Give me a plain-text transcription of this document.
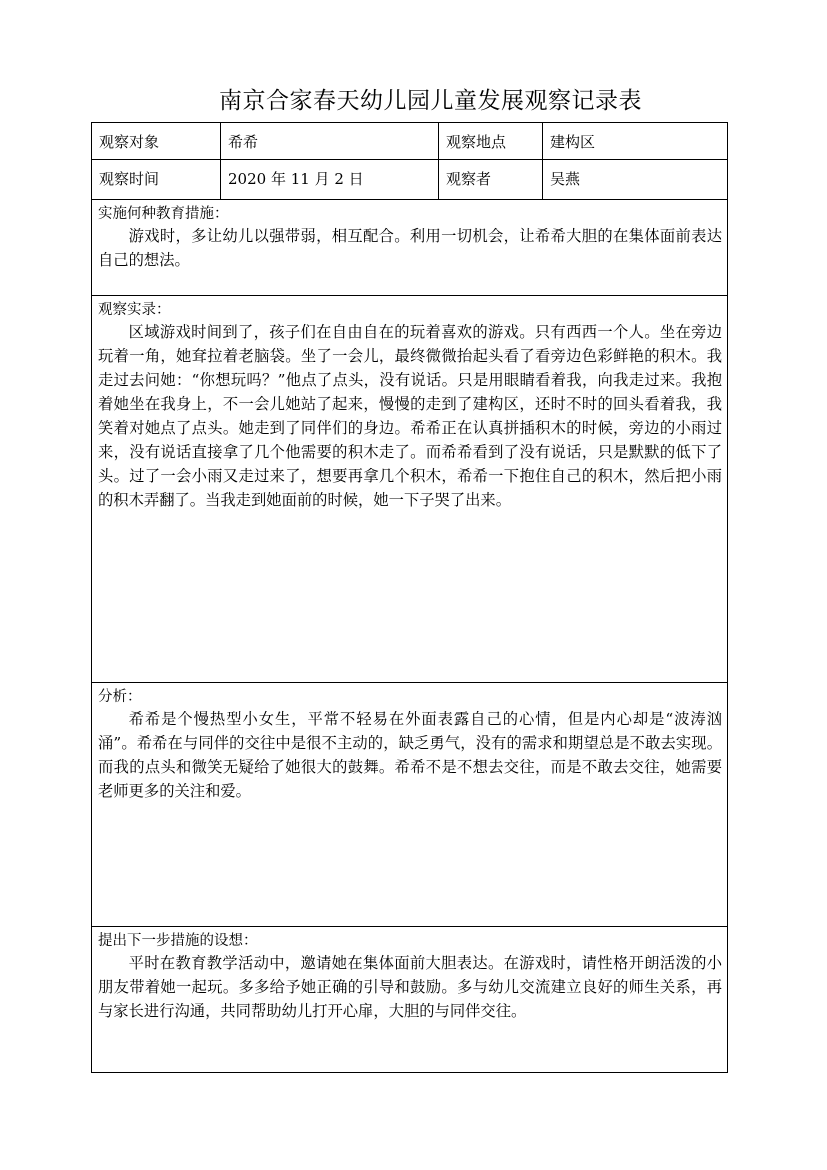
南京合家春天幼儿园儿童发展观察记录表
观察对象	希希	观察地点	建构区
观察时间	2020 年 11 月 2 日	观察者	吴燕
实施何种教育措施：
游戏时，多让幼儿以强带弱，相互配合。利用一切机会，让希希大胆的在集体面前表达自己的想法。
观察实录：
区域游戏时间到了，孩子们在自由自在的玩着喜欢的游戏。只有西西一个人。坐在旁边玩着一角，她耷拉着老脑袋。坐了一会儿，最终微微抬起头看了看旁边色彩鲜艳的积木。我走过去问她：“你想玩吗？”他点了点头，没有说话。只是用眼睛看着我，向我走过来。我抱着她坐在我身上，不一会儿她站了起来，慢慢的走到了建构区，还时不时的回头看着我，我笑着对她点了点头。她走到了同伴们的身边。希希正在认真拼插积木的时候，旁边的小雨过来，没有说话直接拿了几个他需要的积木走了。而希希看到了没有说话，只是默默的低下了头。过了一会小雨又走过来了，想要再拿几个积木，希希一下抱住自己的积木，然后把小雨的积木弄翻了。当我走到她面前的时候，她一下子哭了出来。
分析：
希希是个慢热型小女生，平常不轻易在外面表露自己的心情，但是内心却是“波涛汹涌”。希希在与同伴的交往中是很不主动的，缺乏勇气，没有的需求和期望总是不敢去实现。而我的点头和微笑无疑给了她很大的鼓舞。希希不是不想去交往，而是不敢去交往，她需要老师更多的关注和爱。
提出下一步措施的设想：
平时在教育教学活动中，邀请她在集体面前大胆表达。在游戏时，请性格开朗活泼的小朋友带着她一起玩。多多给予她正确的引导和鼓励。多与幼儿交流建立良好的师生关系，再与家长进行沟通，共同帮助幼儿打开心扉，大胆的与同伴交往。
